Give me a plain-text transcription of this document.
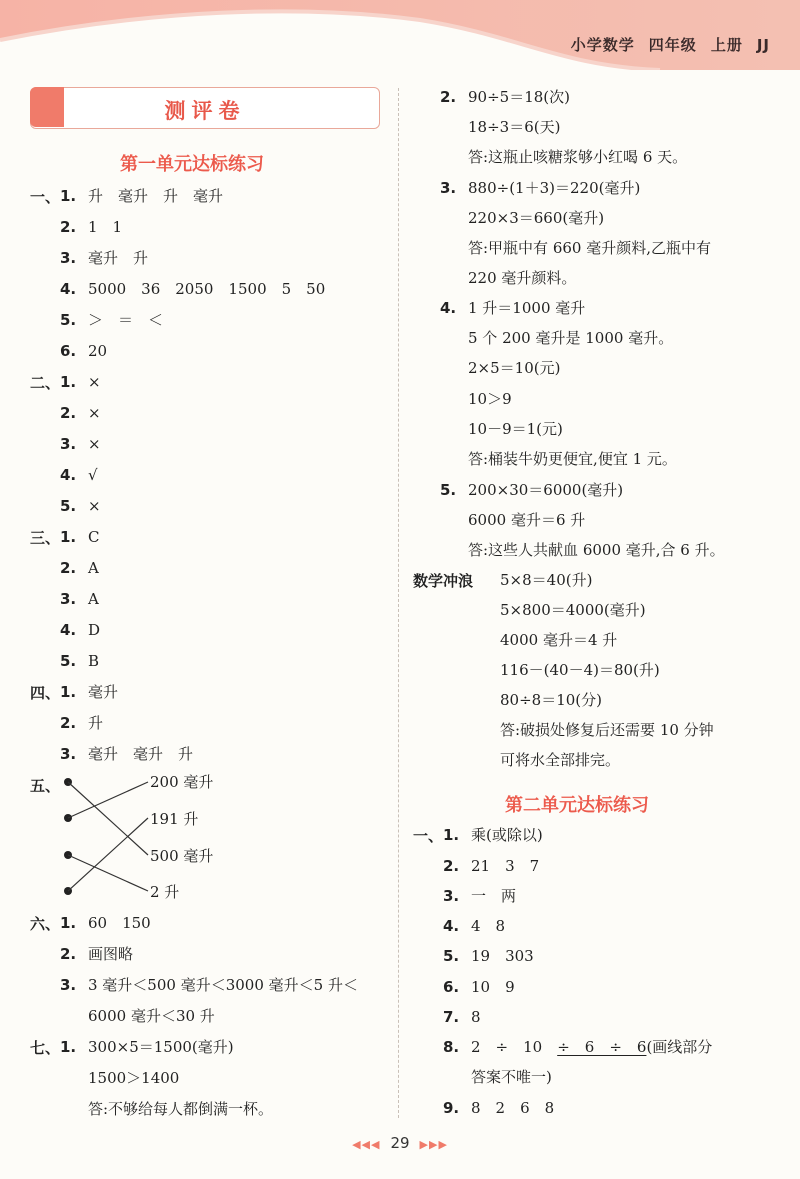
小学数学 四年级 上册 JJ
测评卷
第一单元达标练习
一、 1. 升　毫升　升　毫升
2. 1　1
3. 毫升　升
4. 5000　36　2050　1500　5　50
5. ＞　＝　＜
6. 20
二、 1. ×
2. ×
3. ×
4. √
5. ×
三、 1. C
2. A
3. A
4. D
5. B
四、 1. 毫升
2. 升
3. 毫升　毫升　升
五、	200 毫升
191 升
500 毫升
2 升
六、 1. 60　150
2. 画图略
3. 3 毫升＜500 毫升＜3000 毫升＜5 升＜
6000 毫升＜30 升
七、 1. 300×5＝1500(毫升)
1500＞1400
答:不够给每人都倒满一杯。
2. 90÷5＝18(次)
18÷3＝6(天)
答:这瓶止咳糖浆够小红喝 6 天。
3. 880÷(1＋3)＝220(毫升)
220×3＝660(毫升)
答:甲瓶中有 660 毫升颜料,乙瓶中有
220 毫升颜料。
4. 1 升＝1000 毫升
5 个 200 毫升是 1000 毫升。
2×5＝10(元)
10＞9
10－9＝1(元)
答:桶装牛奶更便宜,便宜 1 元。
5. 200×30＝6000(毫升)
6000 毫升＝6 升
答:这些人共献血 6000 毫升,合 6 升。
数学冲浪 5×8＝40(升)
5×800＝4000(毫升)
4000 毫升＝4 升
116－(40－4)＝80(升)
80÷8＝10(分)
答:破损处修复后还需要 10 分钟
可将水全部排完。
第二单元达标练习
一、 1. 乘(或除以)
2. 21　3　7
3. 一　两
4. 4　8
5. 19　303
6. 10　9
7. 8
8. 2　÷　10　÷　6　÷　6(画线部分
答案不唯一)
9. 8　2　6　8
◀◀◀ 29 ▶▶▶
